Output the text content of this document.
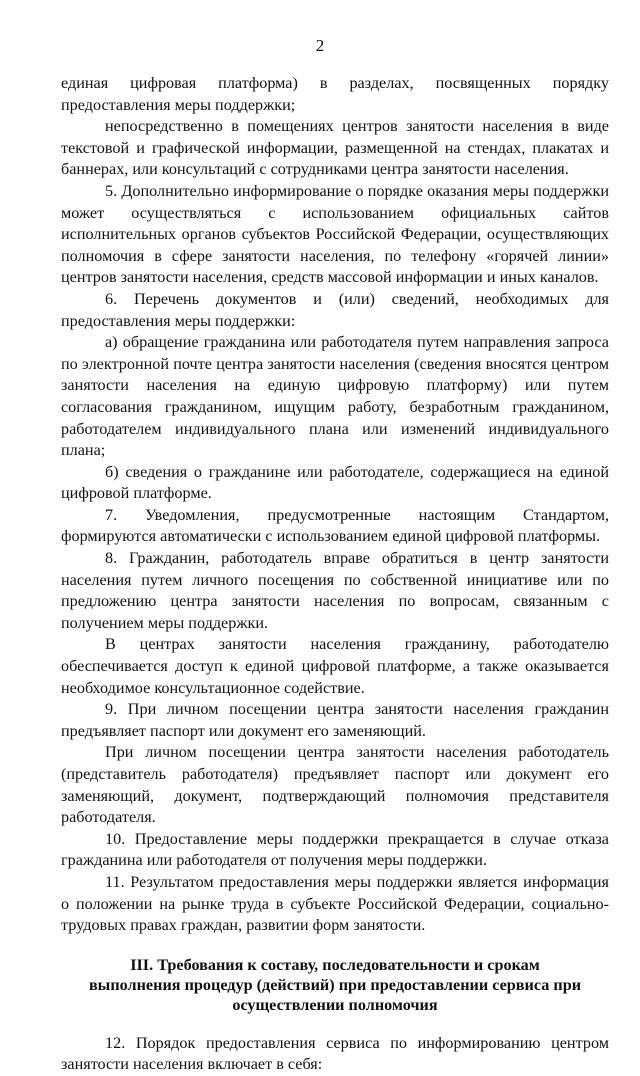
2

единая цифровая платформа) в разделах, посвященных порядку предоставления меры поддержки;

непосредственно в помещениях центров занятости населения в виде текстовой и графической информации, размещенной на стендах, плакатах и баннерах, или консультаций с сотрудниками центра занятости населения.

5. Дополнительно информирование о порядке оказания меры поддержки может осуществляться с использованием официальных сайтов исполнительных органов субъектов Российской Федерации, осуществляющих полномочия в сфере занятости населения, по телефону «горячей линии» центров занятости населения, средств массовой информации и иных каналов.

6. Перечень документов и (или) сведений, необходимых для предоставления меры поддержки:

а) обращение гражданина или работодателя путем направления запроса по электронной почте центра занятости населения (сведения вносятся центром занятости населения на единую цифровую платформу) или путем согласования гражданином, ищущим работу, безработным гражданином, работодателем индивидуального плана или изменений индивидуального плана;

б) сведения о гражданине или работодателе, содержащиеся на единой цифровой платформе.

7. Уведомления, предусмотренные настоящим Стандартом, формируются автоматически с использованием единой цифровой платформы.

8. Гражданин, работодатель вправе обратиться в центр занятости населения путем личного посещения по собственной инициативе или по предложению центра занятости населения по вопросам, связанным с получением меры поддержки.

В центрах занятости населения гражданину, работодателю обеспечивается доступ к единой цифровой платформе, а также оказывается необходимое консультационное содействие.

9. При личном посещении центра занятости населения гражданин предъявляет паспорт или документ его заменяющий.

При личном посещении центра занятости населения работодатель (представитель работодателя) предъявляет паспорт или документ его заменяющий, документ, подтверждающий полномочия представителя работодателя.

10. Предоставление меры поддержки прекращается в случае отказа гражданина или работодателя от получения меры поддержки.

11. Результатом предоставления меры поддержки является информация о положении на рынке труда в субъекте Российской Федерации, социально-трудовых правах граждан, развитии форм занятости.

III. Требования к составу, последовательности и срокам
выполнения процедур (действий) при предоставлении сервиса при
осуществлении полномочия

12. Порядок предоставления сервиса по информированию центром занятости населения включает в себя:
